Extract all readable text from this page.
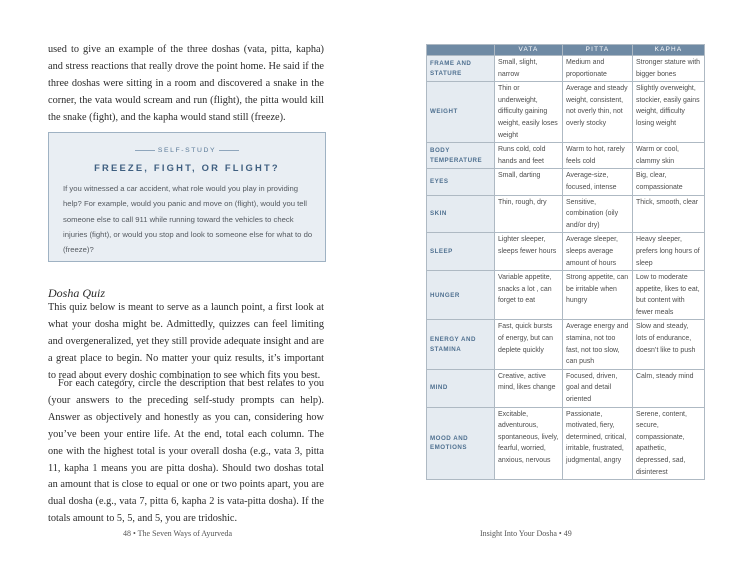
used to give an example of the three doshas (vata, pitta, kapha) and stress reactions that really drove the point home. He said if the three doshas were sitting in a room and discovered a snake in the corner, the vata would scream and run (flight), the pitta would kill the snake (fight), and the kapha would stand still (freeze).
SELF-STUDY
FREEZE, FIGHT, OR FLIGHT?
If you witnessed a car accident, what role would you play in providing help? For example, would you panic and move on (flight), would you tell someone else to call 911 while running toward the vehicles to check injuries (fight), or would you stop and look to someone else for what to do (freeze)?
Dosha Quiz
This quiz below is meant to serve as a launch point, a first look at what your dosha might be. Admittedly, quizzes can feel limiting and overgeneralized, yet they still provide adequate insight and are a great place to begin. No matter your quiz results, it’s important to read about every doshic combination to see which fits you best.
For each category, circle the description that best relates to you (your answers to the preceding self-study prompts can help). Answer as objectively and honestly as you can, considering how you’ve been your entire life. At the end, total each column. The one with the highest total is your overall dosha (e.g., vata 3, pitta 11, kapha 1 means you are pitta dosha). Should two doshas total an amount that is close to equal or one or two points apart, you are dual dosha (e.g., vata 7, pitta 6, kapha 2 is vata-pitta dosha). If the totals amount to 5, 5, and 5, you are tridoshic.
48 • The Seven Ways of Ayurveda
	VATA	PITTA	KAPHA
FRAME AND STATURE	Small, slight, narrow	Medium and proportionate	Stronger stature with bigger bones
WEIGHT	Thin or underweight, difficulty gaining weight, easily loses weight	Average and steady weight, consistent, not overly thin, not overly stocky	Slightly overweight, stockier, easily gains weight, difficulty losing weight
BODY TEMPERATURE	Runs cold, cold hands and feet	Warm to hot, rarely feels cold	Warm or cool, clammy skin
EYES	Small, darting	Average-size, focused, intense	Big, clear, compassionate
SKIN	Thin, rough, dry	Sensitive, combination (oily and/or dry)	Thick, smooth, clear
SLEEP	Lighter sleeper, sleeps fewer hours	Average sleeper, sleeps average amount of hours	Heavy sleeper, prefers long hours of sleep
HUNGER	Variable appetite, snacks a lot , can forget to eat	Strong appetite, can be irritable when hungry	Low to moderate appetite, likes to eat, but content with fewer meals
ENERGY AND STAMINA	Fast, quick bursts of energy, but can deplete quickly	Average energy and stamina, not too fast, not too slow, can push	Slow and steady, lots of endurance, doesn’t like to push
MIND	Creative, active mind, likes change	Focused, driven, goal and detail oriented	Calm, steady mind
MOOD AND EMOTIONS	Excitable, adventurous, spontaneous, lively, fearful, worried, anxious, nervous	Passionate, motivated, fiery, determined, critical, irritable, frustrated, judgmental, angry	Serene, content, secure, compassionate, apathetic, depressed, sad, disinterest
Insight Into Your Dosha • 49
